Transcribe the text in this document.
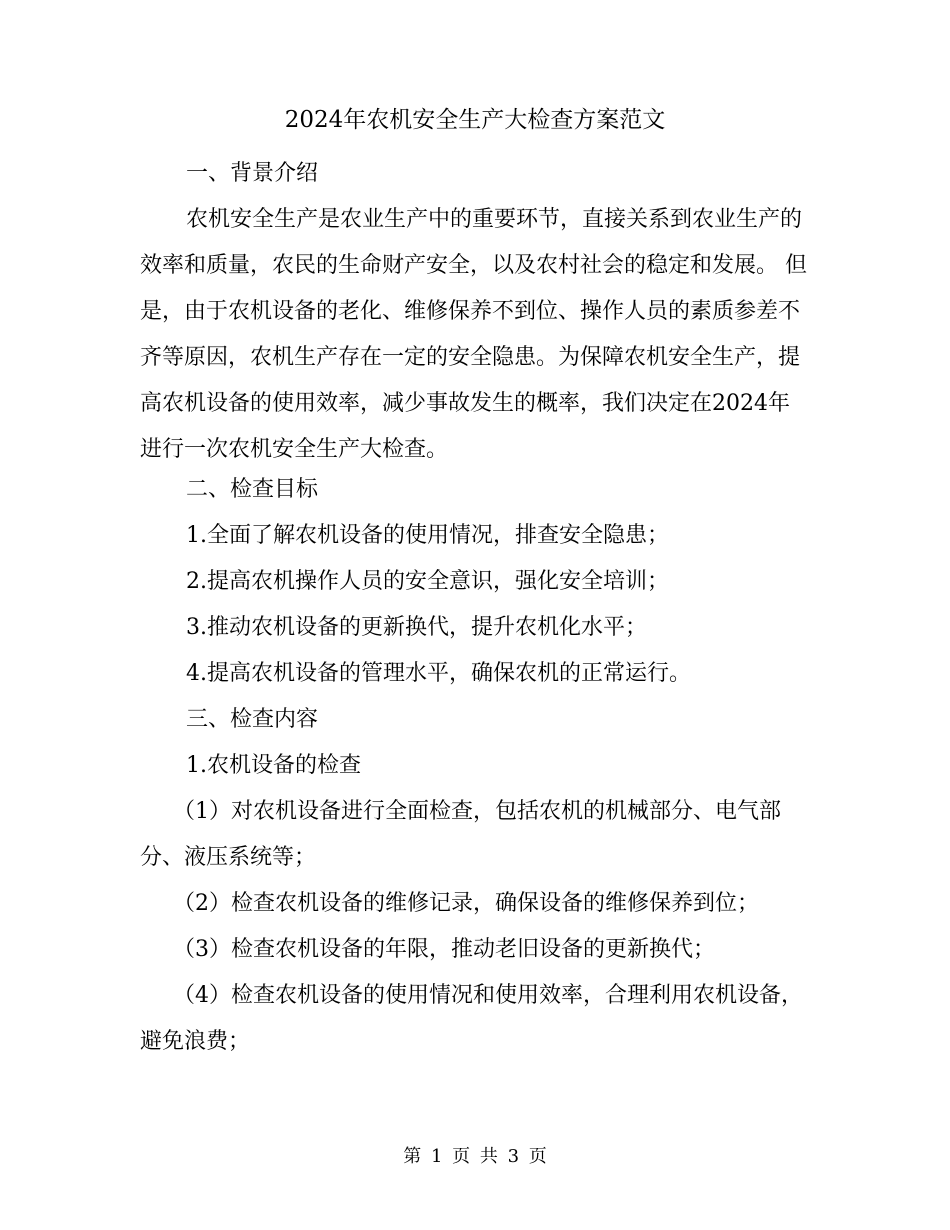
2024年农机安全生产大检查方案范文

一、背景介绍

农机安全生产是农业生产中的重要环节，直接关系到农业生产的效率和质量，农民的生命财产安全，以及农村社会的稳定和发展。 但是，由于农机设备的老化、维修保养不到位、操作人员的素质参差不齐等原因，农机生产存在一定的安全隐患。为保障农机安全生产，提高农机设备的使用效率，减少事故发生的概率，我们决定在2024年进行一次农机安全生产大检查。

二、检查目标

1.全面了解农机设备的使用情况，排查安全隐患；

2.提高农机操作人员的安全意识，强化安全培训；

3.推动农机设备的更新换代，提升农机化水平；

4.提高农机设备的管理水平，确保农机的正常运行。

三、检查内容

1.农机设备的检查

（1）对农机设备进行全面检查，包括农机的机械部分、电气部分、液压系统等；

（2）检查农机设备的维修记录，确保设备的维修保养到位；

（3）检查农机设备的年限，推动老旧设备的更新换代；

（4）检查农机设备的使用情况和使用效率，合理利用农机设备，避免浪费；

第 1 页 共 3 页
